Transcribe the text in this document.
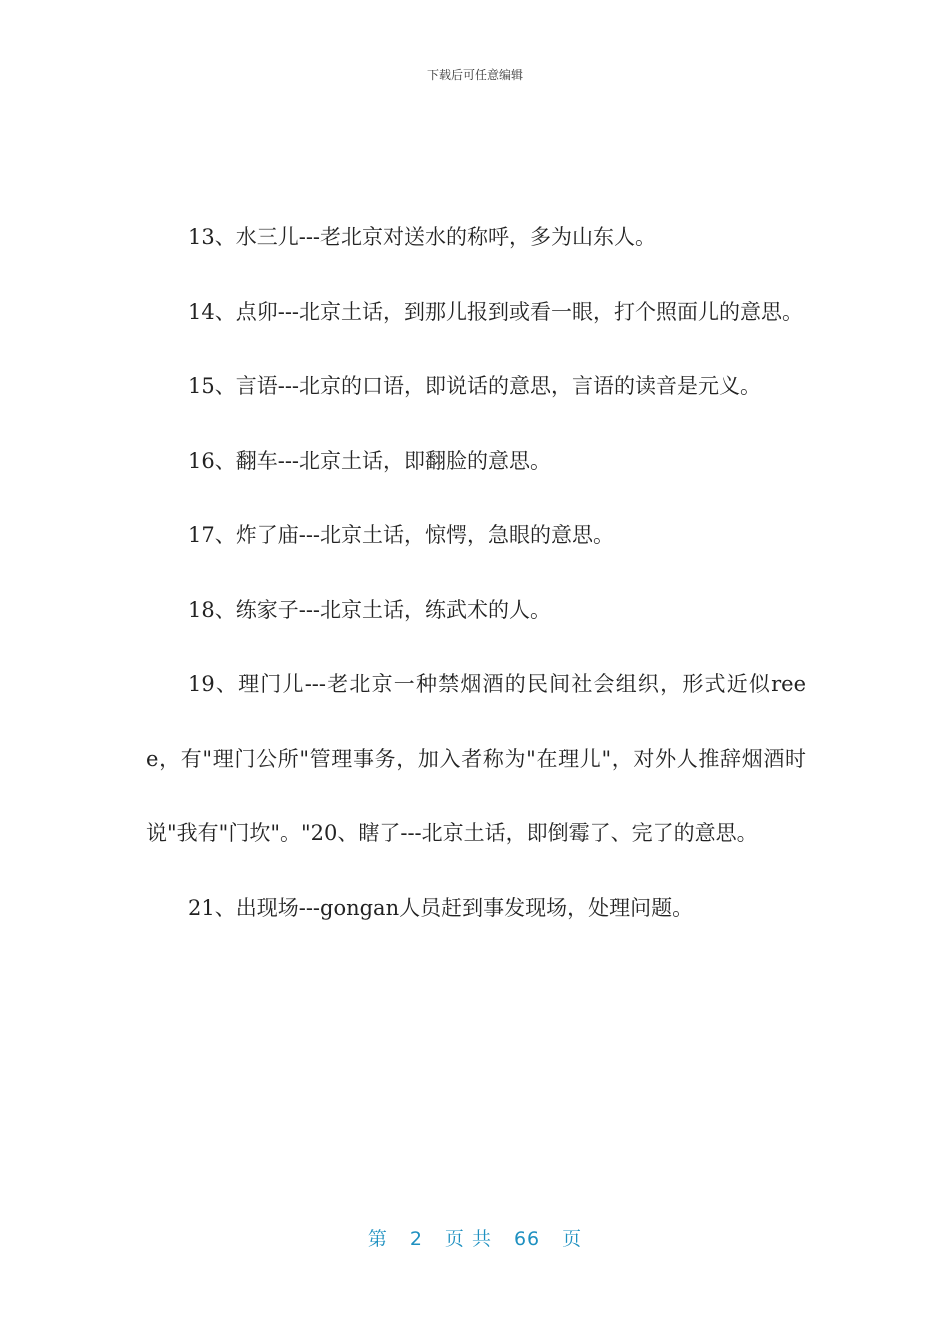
下载后可任意编辑

13、水三儿---老北京对送水的称呼，多为山东人。

14、点卯---北京土话，到那儿报到或看一眼，打个照面儿的意思。

15、言语---北京的口语，即说话的意思，言语的读音是元义。

16、翻车---北京土话，即翻脸的意思。

17、炸了庙---北京土话，惊愕，急眼的意思。

18、练家子---北京土话，练武术的人。

19、理门儿---老北京一种禁烟酒的民间社会组织，形式近似reee，有"理门公所"管理事务，加入者称为"在理儿"，对外人推辞烟酒时说"我有"门坎"。"20、瞎了---北京土话，即倒霉了、完了的意思。

21、出现场---gongan人员赶到事发现场，处理问题。

第 2 页 共 66 页
